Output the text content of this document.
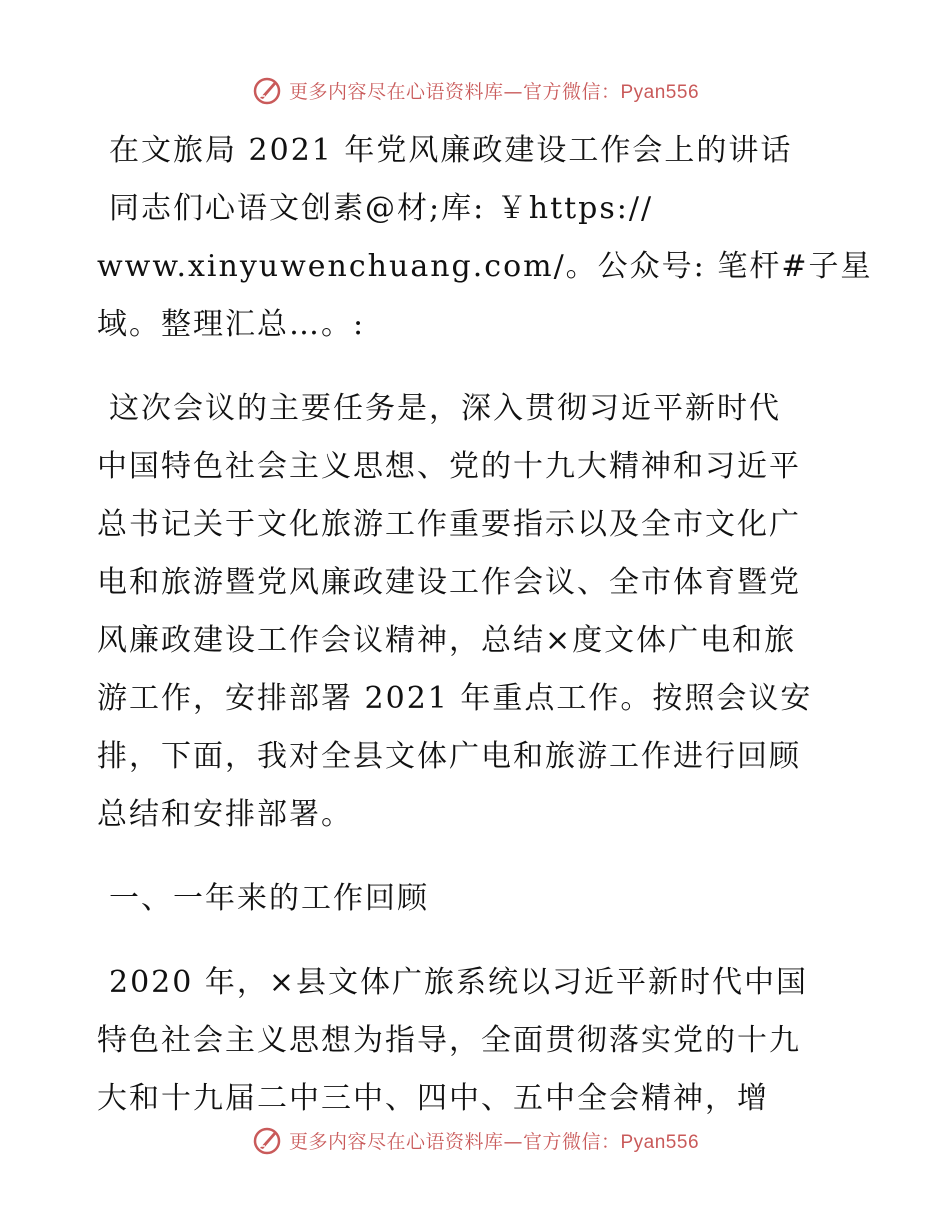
更多内容尽在心语资料库—官方微信：Pyan556
在文旅局 2021 年党风廉政建设工作会上的讲话
同志们心语文创素@材;库: ￥https://
www.xinyuwenchuang.com/。公众号: 笔杆#子星
域。整理汇总…。:
这次会议的主要任务是，深入贯彻习近平新时代
中国特色社会主义思想、党的十九大精神和习近平
总书记关于文化旅游工作重要指示以及全市文化广
电和旅游暨党风廉政建设工作会议、全市体育暨党
风廉政建设工作会议精神，总结×度文体广电和旅
游工作，安排部署 2021 年重点工作。按照会议安
排，下面，我对全县文体广电和旅游工作进行回顾
总结和安排部署。
一、一年来的工作回顾
2020 年，×县文体广旅系统以习近平新时代中国
特色社会主义思想为指导，全面贯彻落实党的十九
大和十九届二中三中、四中、五中全会精神，增
更多内容尽在心语资料库—官方微信：Pyan556
